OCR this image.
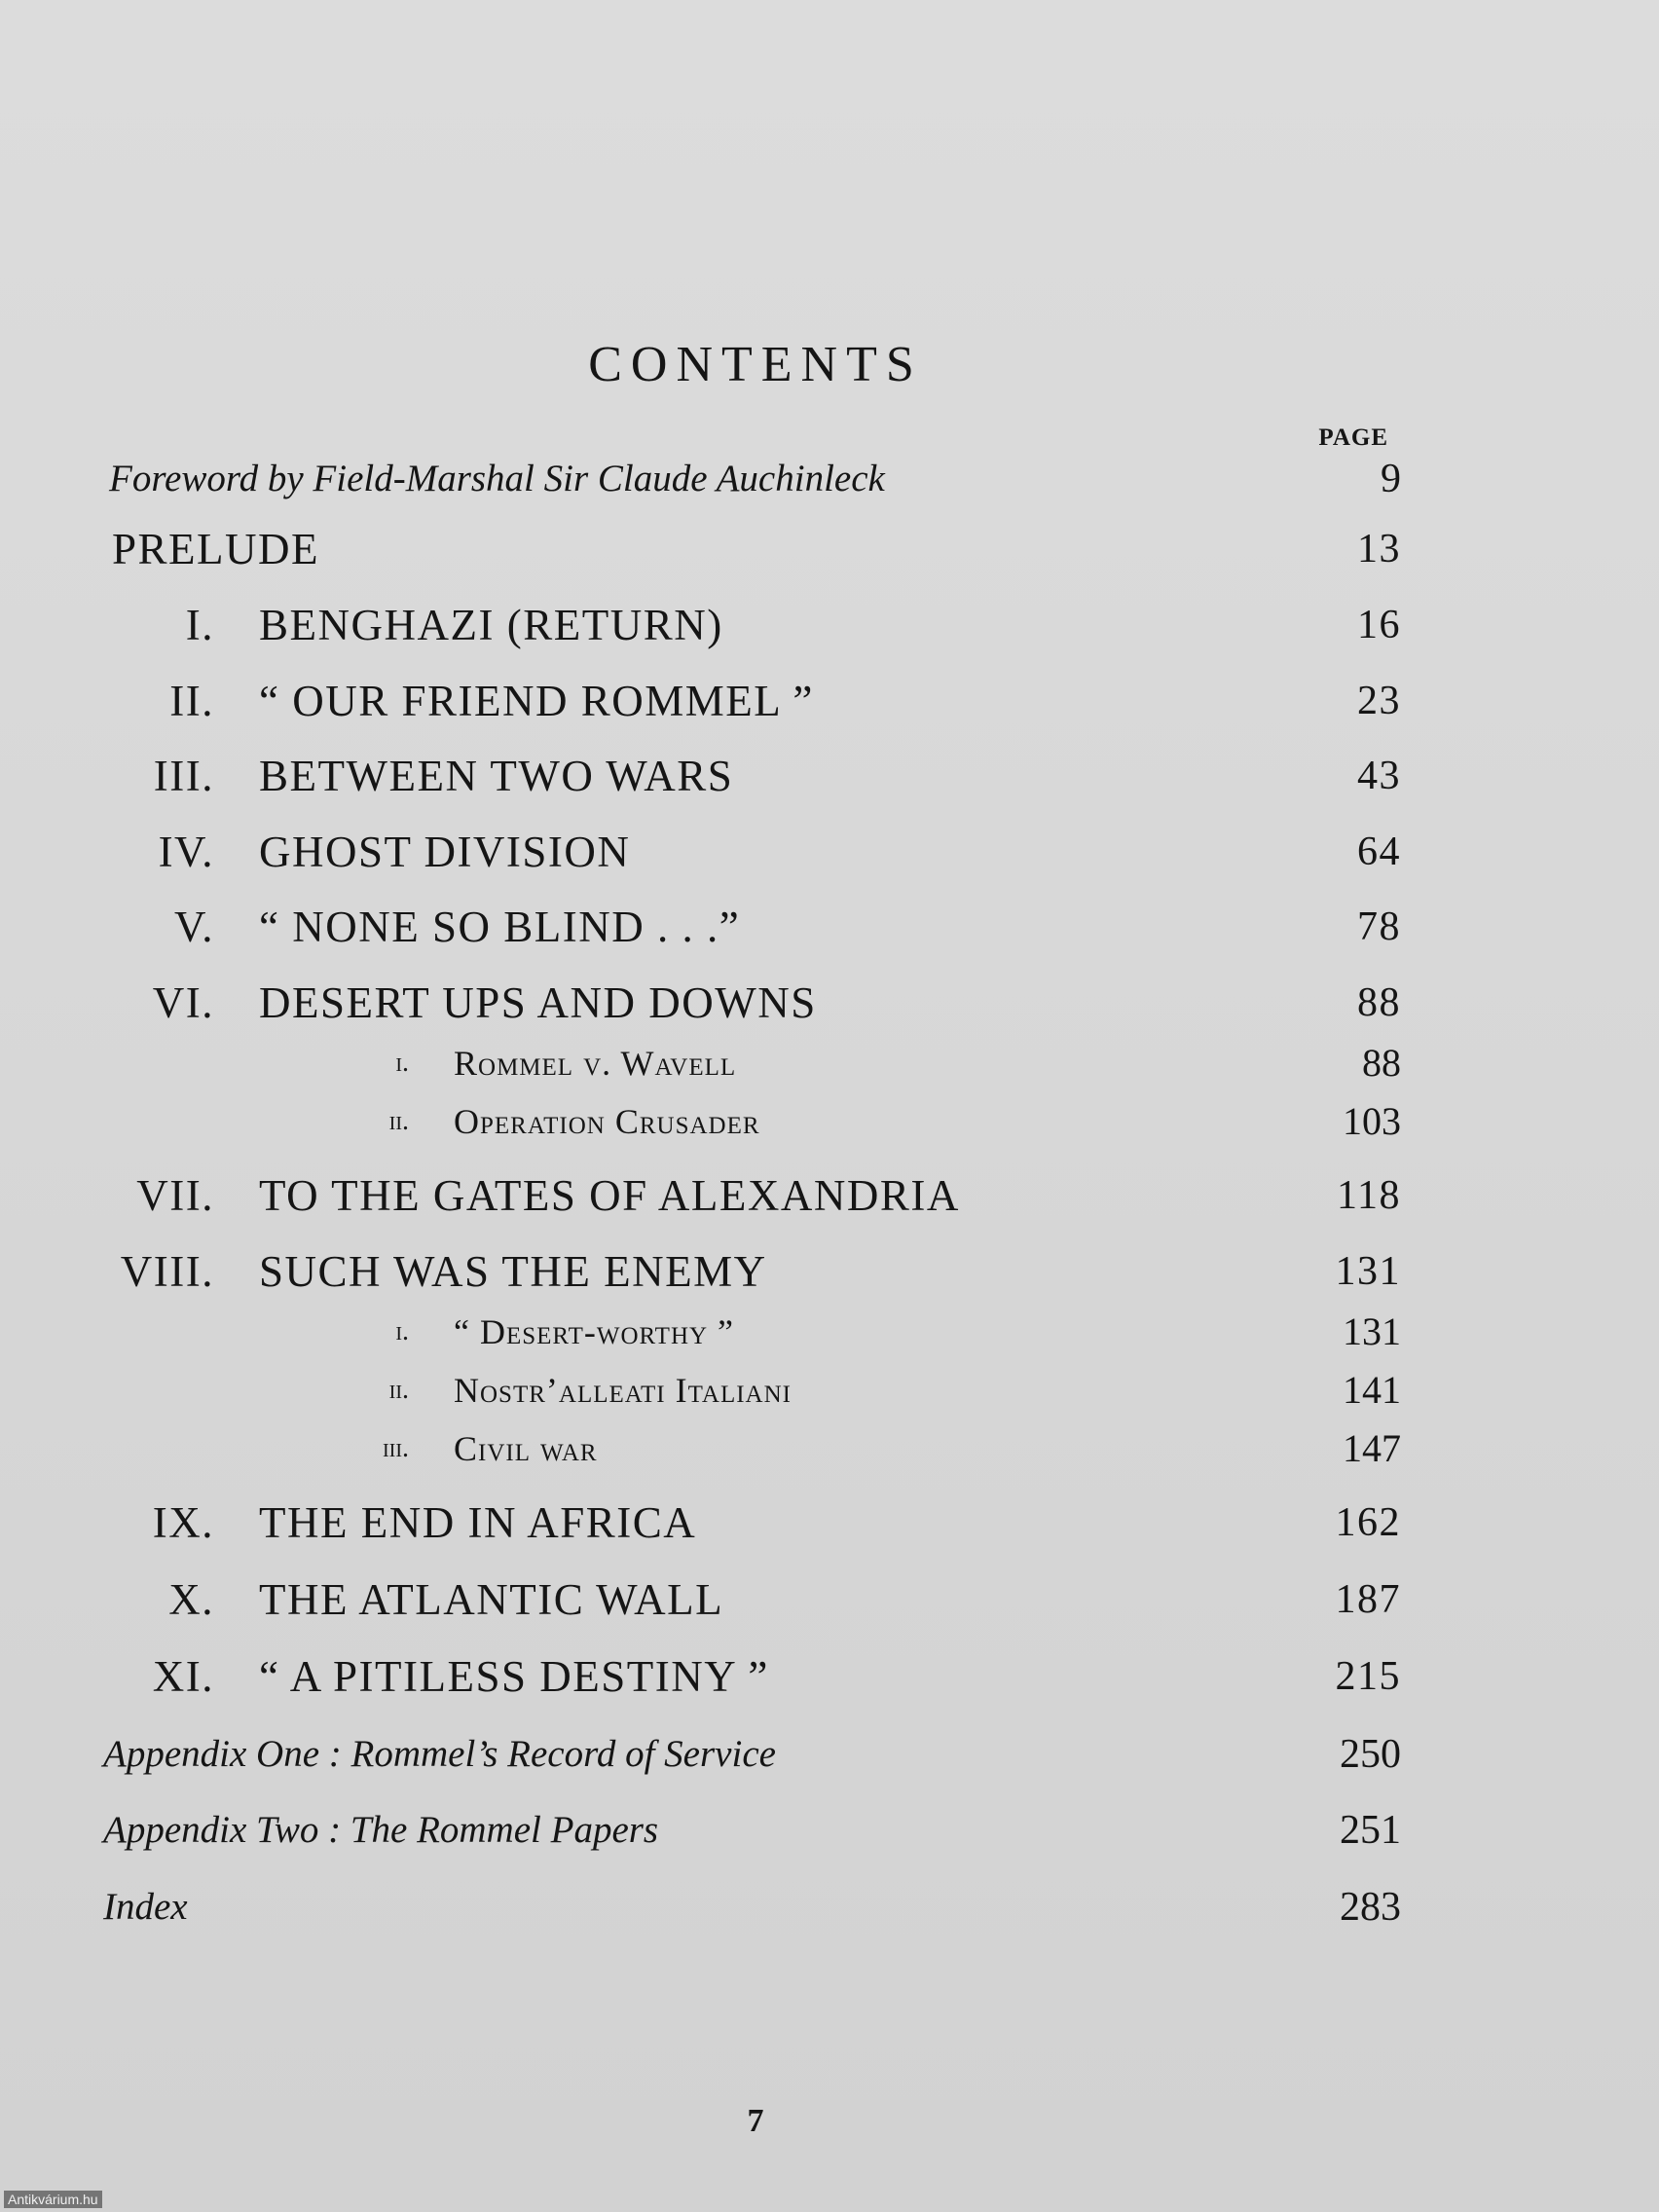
CONTENTS
PAGE
Foreword by Field-Marshal Sir Claude Auchinleck	9
PRELUDE	13
I. BENGHAZI (RETURN)	16
II. “ OUR FRIEND ROMMEL ”	23
III. BETWEEN TWO WARS	43
IV. GHOST DIVISION	64
V. “ NONE SO BLIND . . .”	78
VI. DESERT UPS AND DOWNS	88
i. Rommel v. Wavell	88
ii. Operation Crusader	103
VII. TO THE GATES OF ALEXANDRIA	118
VIII. SUCH WAS THE ENEMY	131
i. “ Desert-worthy ”	131
ii. Nostr’alleati Italiani	141
iii. Civil war	147
IX. THE END IN AFRICA	162
X. THE ATLANTIC WALL	187
XI. “ A PITILESS DESTINY ”	215
Appendix One : Rommel’s Record of Service	250
Appendix Two : The Rommel Papers	251
Index	283
7
Antikvárium.hu
